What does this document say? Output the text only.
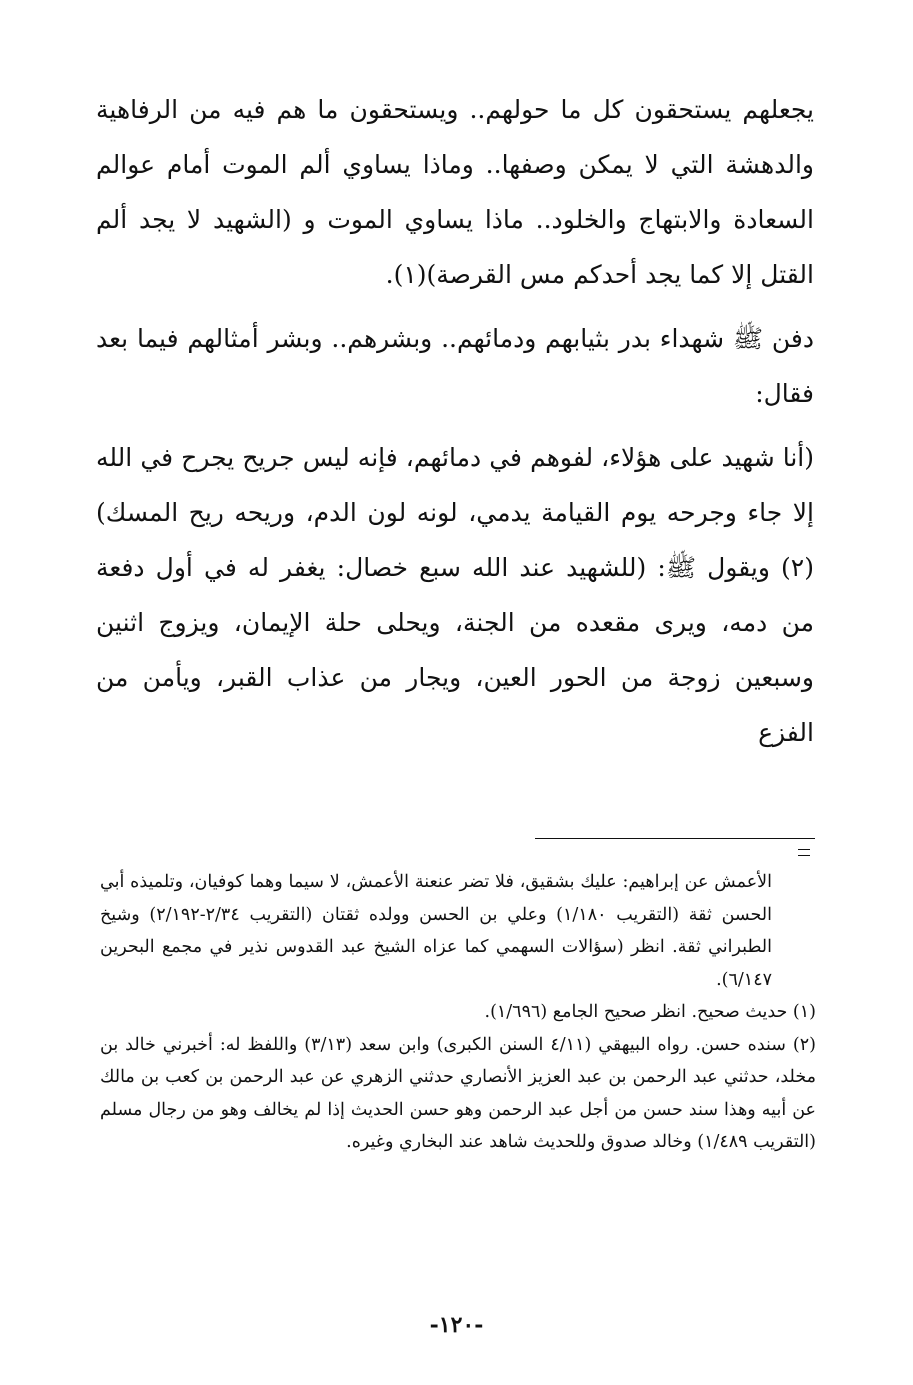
يجعلهم يستحقون كل ما حولهم.. ويستحقون ما هم فيه من الرفاهية والدهشة التي لا يمكن وصفها.. وماذا يساوي ألم الموت أمام عوالم السعادة والابتهاج والخلود.. ماذا يساوي الموت و (الشهيد لا يجد ألم القتل إلا كما يجد أحدكم مس القرصة)(١).

دفن ﷺ شهداء بدر بثيابهم ودمائهم.. وبشرهم.. وبشر أمثالهم فيما بعد فقال:

(أنا شهيد على هؤلاء، لفوهم في دمائهم، فإنه ليس جريح يجرح في الله إلا جاء وجرحه يوم القيامة يدمي، لونه لون الدم، وريحه ريح المسك)(٢) ويقول ﷺ: (للشهيد عند الله سبع خصال: يغفر له في أول دفعة من دمه، ويرى مقعده من الجنة، ويحلى حلة الإيمان، ويزوج اثنين وسبعين زوجة من الحور العين، ويجار من عذاب القبر، ويأمن من الفزع

الأعمش عن إبراهيم: عليك بشقيق، فلا تضر عنعنة الأعمش، لا سيما وهما كوفيان، وتلميذه أبي الحسن ثقة (التقريب ١/١٨٠) وعلي بن الحسن وولده ثقتان (التقريب ٢/٣٤-٢/١٩٢) وشيخ الطبراني ثقة. انظر (سؤالات السهمي كما عزاه الشيخ عبد القدوس نذير في مجمع البحرين ٦/١٤٧).

(١) حديث صحيح. انظر صحيح الجامع (١/٦٩٦).

(٢) سنده حسن. رواه البيهقي (٤/١١ السنن الكبرى) وابن سعد (٣/١٣) واللفظ له: أخبرني خالد بن مخلد، حدثني عبد الرحمن بن عبد العزيز الأنصاري حدثني الزهري عن عبد الرحمن بن كعب بن مالك عن أبيه وهذا سند حسن من أجل عبد الرحمن وهو حسن الحديث إذا لم يخالف وهو من رجال مسلم (التقريب ١/٤٨٩) وخالد صدوق وللحديث شاهد عند البخاري وغيره.

-١٢٠-
